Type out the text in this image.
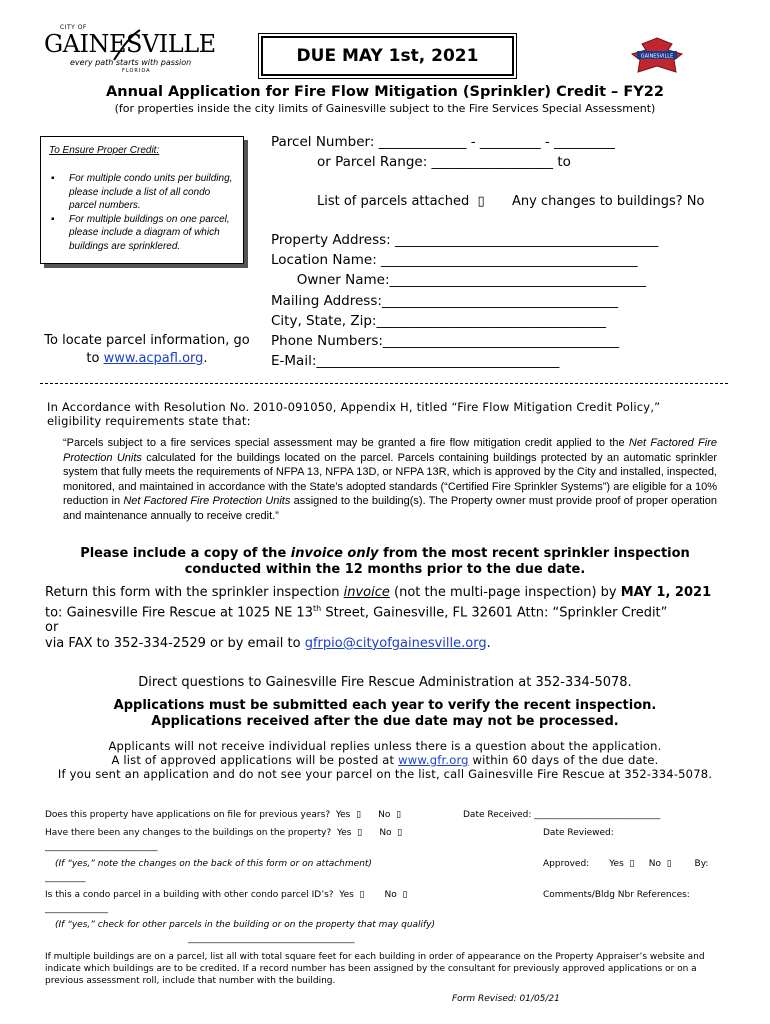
CITY OF
GAINESVILLE
every path starts with passion
FLORIDA
DUE MAY 1st, 2021	GAINESVILLE
Annual Application for Fire Flow Mitigation (Sprinkler) Credit – FY22
(for properties inside the city limits of Gainesville subject to the Fire Services Special Assessment)
To Ensure Proper Credit:
▪ For multiple condo units per building, please include a list of all condo parcel numbers.
▪ For multiple buildings on one parcel, please include a diagram of which buildings are sprinklered.
To locate parcel information, go to www.acpafl.org.
Parcel Number: _____________ - _________ - _________
or Parcel Range: __________________ to
List of parcels attached ▯ Any changes to buildings? No
Property Address: _______________________________________
Location Name: ______________________________________
Owner Name:______________________________________
Mailing Address:___________________________________
City, State, Zip:__________________________________
Phone Numbers:___________________________________
E-Mail:____________________________________
In Accordance with Resolution No. 2010-091050, Appendix H, titled “Fire Flow Mitigation Credit Policy,” eligibility requirements state that:
“Parcels subject to a fire services special assessment may be granted a fire flow mitigation credit applied to the Net Factored Fire Protection Units calculated for the buildings located on the parcel. Parcels containing buildings protected by an automatic sprinkler system that fully meets the requirements of NFPA 13, NFPA 13D, or NFPA 13R, which is approved by the City and installed, inspected, monitored, and maintained in accordance with the State’s adopted standards (“Certified Fire Sprinkler Systems”) are eligible for a 10% reduction in Net Factored Fire Protection Units assigned to the building(s). The Property owner must provide proof of proper operation and maintenance annually to receive credit.”
Please include a copy of the invoice only from the most recent sprinkler inspection
conducted within the 12 months prior to the due date.
Return this form with the sprinkler inspection invoice (not the multi-page inspection) by MAY 1, 2021
to: Gainesville Fire Rescue at 1025 NE 13th Street, Gainesville, FL 32601 Attn: “Sprinkler Credit”
or
via FAX to 352-334-2529 or by email to gfrpio@cityofgainesville.org.
Direct questions to Gainesville Fire Rescue Administration at 352-334-5078.
Applications must be submitted each year to verify the recent inspection.
Applications received after the due date may not be processed.
Applicants will not receive individual replies unless there is a question about the application.
A list of approved applications will be posted at www.gfr.org within 60 days of the due date.
If you sent an application and do not see your parcel on the list, call Gainesville Fire Rescue at 352-334-5078.
Does this property have applications on file for previous years?  Yes  ▯      No  ▯	Date Received: ____________________________
Have there been any changes to the buildings on the property?  Yes  ▯      No  ▯	Date Reviewed:
_________________________
(If “yes,” note the changes on the back of this form or on attachment)	Approved:       Yes  ▯     No  ▯        By:
_________
Is this a condo parcel in a building with other condo parcel ID’s?  Yes  ▯       No  ▯	Comments/Bldg Nbr References:
______________
(If “yes,” check for other parcels in the building or on the property that may qualify)
_____________________________________
If multiple buildings are on a parcel, list all with total square feet for each building in order of appearance on the Property Appraiser’s website and indicate which buildings are to be credited. If a record number has been assigned by the consultant for previously approved applications or on a previous assessment roll, include that number with the building.
Form Revised: 01/05/21
